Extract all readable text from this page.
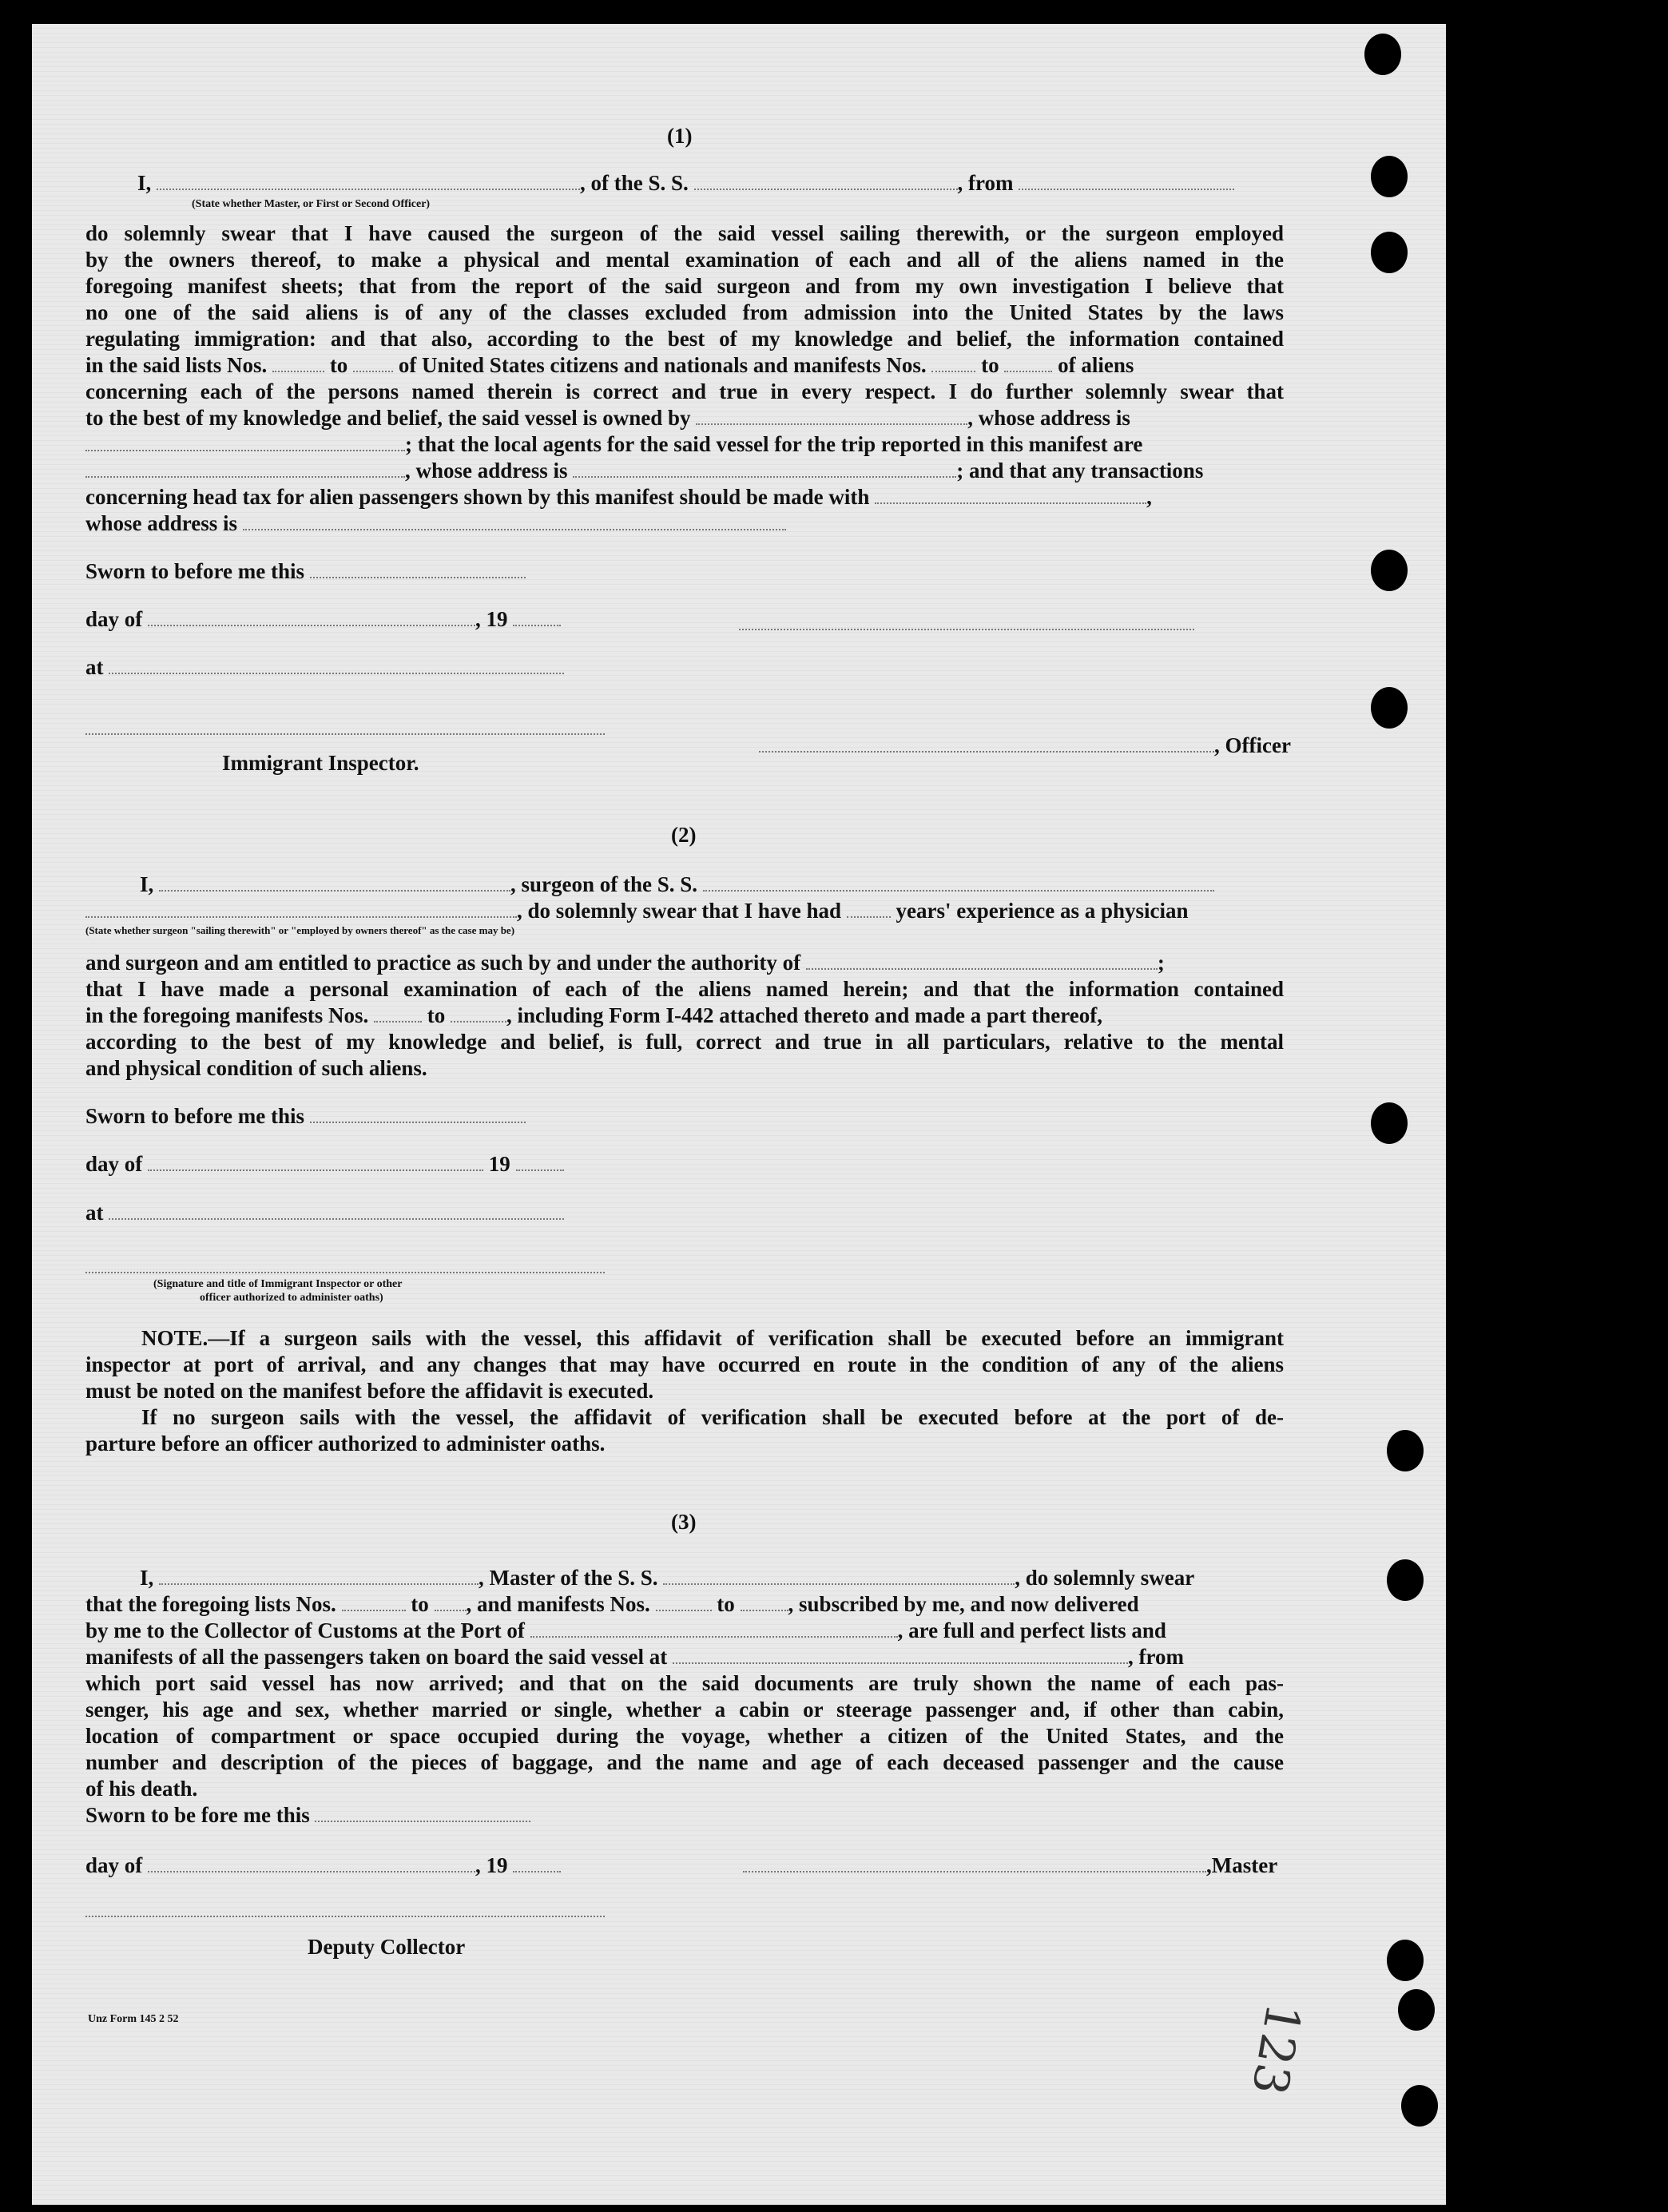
(1)
I,	, of the S. S.	, from
(State whether Master, or First or Second Officer)
do solemnly swear that I have caused the surgeon of the said vessel sailing therewith, or the surgeon employed
by the owners thereof, to make a physical and mental examination of each and all of the aliens named in the
foregoing manifest sheets; that from the report of the said surgeon and from my own investigation I believe that
no one of the said aliens is of any of the classes excluded from admission into the United States by the laws
regulating immigration: and that also, according to the best of my knowledge and belief, the information contained
in the said lists Nos.	to of United States citizens and nationals and manifests Nos.	to	of aliens
concerning each of the persons named therein is correct and true in every respect. I do further solemnly swear that
to the best of my knowledge and belief, the said vessel is owned by	, whose address is
; that the local agents for the said vessel for the trip reported in this manifest are
, whose address is	; and that any transactions
concerning head tax for alien passengers shown by this manifest should be made with	,
whose address is
Sworn to before me this
day of	, 19
at
, Officer
Immigrant Inspector.
(2)
I,	, surgeon of the S. S.
, do solemnly swear that I have had	years' experience as a physician
(State whether surgeon "sailing therewith" or "employed by owners thereof" as the case may be)
and surgeon and am entitled to practice as such by and under the authority of	;
that I have made a personal examination of each of the aliens named herein; and that the information contained
in the foregoing manifests Nos.	to	, including Form I-442 attached thereto and made a part thereof,
according to the best of my knowledge and belief, is full, correct and true in all particulars, relative to the mental
and physical condition of such aliens.
Sworn to before me this
day of	19
at
(Signature and title of Immigrant Inspector or other
officer authorized to administer oaths)
NOTE.—If a surgeon sails with the vessel, this affidavit of verification shall be executed before an immigrant
inspector at port of arrival, and any changes that may have occurred en route in the condition of any of the aliens
must be noted on the manifest before the affidavit is executed.
If no surgeon sails with the vessel, the affidavit of verification shall be executed before at the port of de-
parture before an officer authorized to administer oaths.
(3)
I,	, Master of the S. S.	, do solemnly swear
that the foregoing lists Nos.	to , and manifests Nos.	to , subscribed by me, and now delivered
by me to the Collector of Customs at the Port of	, are full and perfect lists and
manifests of all the passengers taken on board the said vessel at	, from
which port said vessel has now arrived; and that on the said documents are truly shown the name of each pas-
senger, his age and sex, whether married or single, whether a cabin or steerage passenger and, if other than cabin,
location of compartment or space occupied during the voyage, whether a citizen of the United States, and the
number and description of the pieces of baggage, and the name and age of each deceased passenger and the cause
of his death.
Sworn to be fore me this
day of	, 19	,Master
Deputy Collector
Unz Form 145 2 52	123
